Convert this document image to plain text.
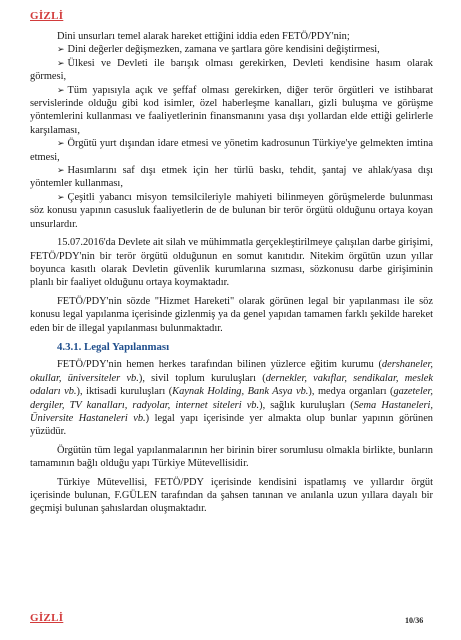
GİZLİ

Dini unsurları temel alarak hareket ettiğini iddia eden FETÖ/PDY'nin;

➢ Dini değerler değişmezken, zamana ve şartlara göre kendisini değiştirmesi,

➢ Ülkesi ve Devleti ile barışık olması gerekirken, Devleti kendisine hasım olarak görmesi,

➢ Tüm yapısıyla açık ve şeffaf olması gerekirken, diğer terör örgütleri ve istihbarat servislerinde olduğu gibi kod isimler, özel haberleşme kanalları, gizli buluşma ve görüşme yöntemlerini kullanması ve faaliyetlerinin finansmanını yasa dışı yollardan elde ettiği gelirlerle karşılaması,

➢ Örgütü yurt dışından idare etmesi ve yönetim kadrosunun Türkiye'ye gelmekten imtina etmesi,

➢ Hasımlarını saf dışı etmek için her türlü baskı, tehdit, şantaj ve ahlak/yasa dışı yöntemler kullanması,

➢ Çeşitli yabancı misyon temsilcileriyle mahiyeti bilinmeyen görüşmelerde bulunması söz konusu yapının casusluk faaliyetlerin de de bulunan bir terör örgütü olduğunu ortaya koyan unsurlardır.

15.07.2016'da Devlete ait silah ve mühimmatla gerçekleştirilmeye çalışılan darbe girişimi, FETÖ/PDY'nin bir terör örgütü olduğunun en somut kanıtıdır. Nitekim örgütün uzun yıllar boyunca kasıtlı olarak Devletin güvenlik kurumlarına sızması, sözkonusu darbe girişiminin planlı bir faaliyet olduğunu ortaya koymaktadır.

FETÖ/PDY'nin sözde "Hizmet Hareketi" olarak görünen legal bir yapılanması ile söz konusu legal yapılanma içerisinde gizlenmiş ya da genel yapıdan tamamen farklı şekilde hareket eden bir de illegal yapılanması bulunmaktadır.

4.3.1. Legal Yapılanması

FETÖ/PDY'nin hemen herkes tarafından bilinen yüzlerce eğitim kurumu (dershaneler, okullar, üniversiteler vb.), sivil toplum kuruluşları (dernekler, vakıflar, sendikalar, meslek odaları vb.), iktisadi kuruluşları (Kaynak Holding, Bank Asya vb.), medya organları (gazeteler, dergiler, TV kanalları, radyolar, internet siteleri vb.), sağlık kuruluşları (Sema Hastaneleri, Üniversite Hastaneleri vb.) legal yapı içerisinde yer almakta olup bunlar yapının görünen yüzüdür.

Örgütün tüm legal yapılanmalarının her birinin birer sorumlusu olmakla birlikte, bunların tamamının bağlı olduğu yapı Türkiye Mütevellisidir.

Türkiye Mütevellisi, FETÖ/PDY içerisinde kendisini ispatlamış ve yıllardır örgüt içerisinde bulunan, F.GÜLEN tarafından da şahsen tanınan ve anılanla uzun yıllara dayalı bir geçmişi bulunan şahıslardan oluşmaktadır.

GİZLİ	10/36
